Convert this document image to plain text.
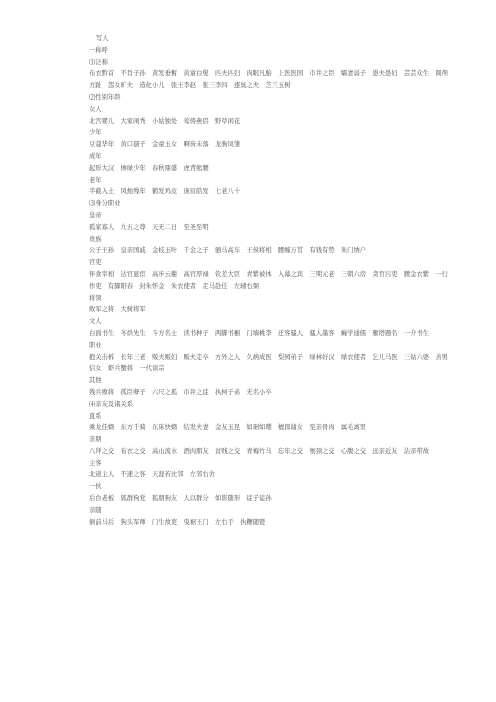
写人
一称呼
⑴泛称
布衣黔首　不肖子孙　黄发垂髫　黄童白叟　匹夫匹妇　肉眼凡胎　上医医国　市井之臣　孀妻弱子　愚夫愚妇　芸芸众生　圆颅方趾　怨女旷夫　造化小儿　张王李赵　张三李四　逐臭之夫　芝兰玉树
⑵性别年龄
女人
北宫婴儿　大家闺秀　小姑独处　莺俦燕侣　野草闲花
少年
豆蔻华年　黄口孺子　金童玉女　啊齿未落　龙驹凤雏
成年
起形大汉　惨绿少年　春秋鼎盛　虎背熊腰
老年
半截入土　风烛残年　鹤发鸡皮　庞眉皓发　七老八十
⑶身分职业
皇帝
孤家寡人　九五之尊　天无二日　至圣至明
贵族
公子王孙　皇亲国戚　金枝玉叶　千金之子　驷马高车　王侯将相　腰缠万贯　有钱有势　朱门绣户
官吏
伴食宰相　达官显宦　高步云衢　高官厚禄　钦差大臣　青紫被体　入幕之宾　三期元老　三朝六房　贪官污吏　腰金衣紫　一行作吏　有脚阳春　封朱怀金　朱衣使者　走马赴任　左辅右弼
将领
败军之将　大树将军
文人
白面书生　冬烘先生　斗方名士　读书种子　两脚书橱　门墙桃李　迁客骚人　骚人墨客　蝇学通儒　雁塔题名　一介书生
职业
抱关击柝　长年三老　贩夫贩妇　贩夫走卒　方外之人　久病成医　梨园弟子　绿林好汉　绿衣使者　乞儿马医　三姑六婆　善男信女　虾兵蟹将　一代谈宗
其他
残兵败将　孤臣孽子　六尺之孤　市井之徒　执柯子弟　无名小卒
⑷亲友及诸关系
直系
乘龙佳婿　东方千骑　东床快婿　结发夫妻　金友玉昆　如琚如瓔　檀郎谢女　至亲骨肉　属毛离里
亲朋
八拜之交　布衣之交　高山流水　酒肉朋友　贫贱之交　青梅竹马　忘年之交　刎颈之交　心腹之交　远亲近友　沾亲带故
主客
北道主人　不速之客　天涯若比邻　左邻右舍
一伙
后台老板　狐群狗党　狐朋狗友　人以群分　如影随形　徒子徒孙
亲随
倒前马后　狗头军师　门生故吏　曳裾王门　左右手　执鞭随镫
